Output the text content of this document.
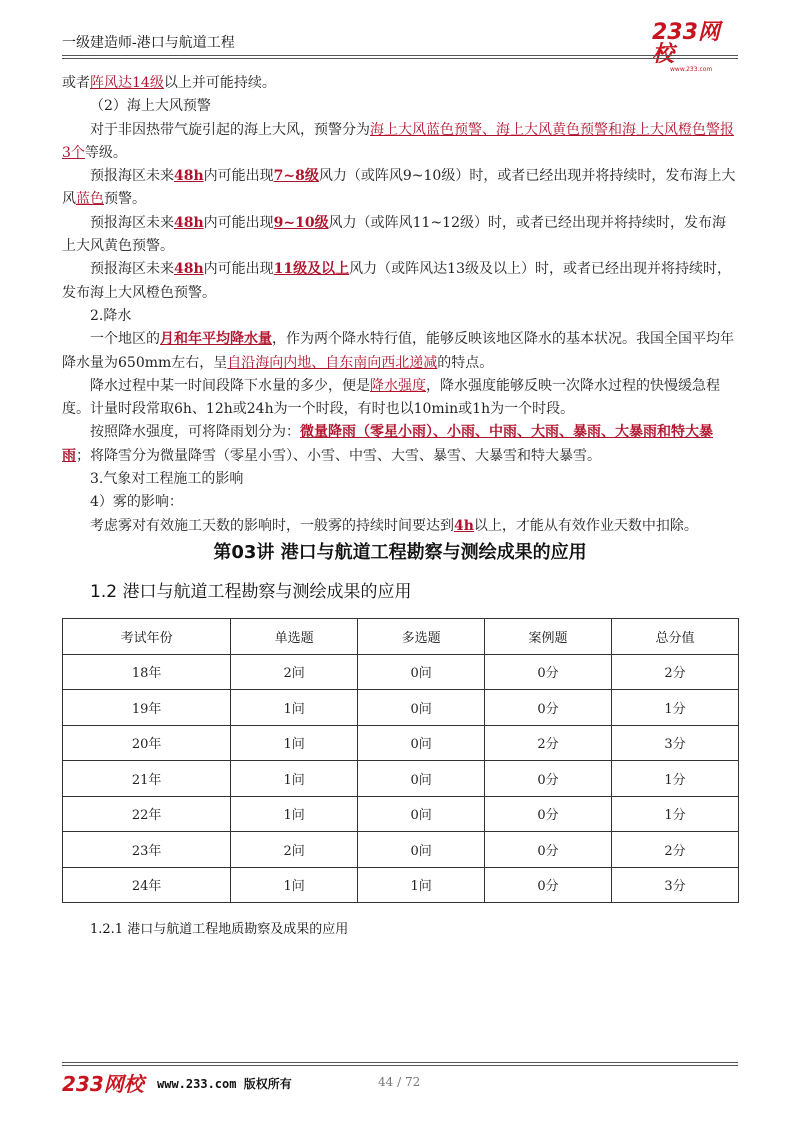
一级建造师-港口与航道工程	233网
www.233.com

或者阵风达14级以上并可能持续。

（2）海上大风预警

对于非因热带气旋引起的海上大风，预警分为海上大风蓝色预警、海上大风黄色预警和海上大风橙色警报3个等级。

预报海区未来48h内可能出现7~8级风力（或阵风9~10级）时，或者已经出现并将持续时，发布海上大风蓝色预警。

预报海区未来48h内可能出现9~10级风力（或阵风11~12级）时，或者已经出现并将持续时，发布海上大风黄色预警。

预报海区未来48h内可能出现11级及以上风力（或阵风达13级及以上）时，或者已经出现并将持续时，发布海上大风橙色预警。

2.降水

一个地区的月和年平均降水量，作为两个降水特行值，能够反映该地区降水的基本状况。我国全国平均年降水量为650mm左右，呈自沿海向内地、自东南向西北递减的特点。

降水过程中某一时间段降下水量的多少，便是降水强度，降水强度能够反映一次降水过程的快慢缓急程度。计量时段常取6h、12h或24h为一个时段，有时也以10min或1h为一个时段。

按照降水强度，可将降雨划分为：微量降雨（零星小雨）、小雨、中雨、大雨、暴雨、大暴雨和特大暴雨；将降雪分为微量降雪（零星小雪）、小雪、中雪、大雪、暴雪、大暴雪和特大暴雪。

3.气象对工程施工的影响

4）雾的影响：

考虑雾对有效施工天数的影响时，一般雾的持续时间要达到4h以上，才能从有效作业天数中扣除。

第03讲 港口与航道工程勘察与测绘成果的应用
1.2 港口与航道工程勘察与测绘成果的应用
考试年份	单选题	多选题	案例题	总分值
18年	2问	0问	0分	2分
19年	1问	0问	0分	1分
20年	1问	0问	2分	3分
21年	1问	0问	0分	1分
22年	1问	0问	0分	1分
23年	2问	0问	0分	2分
24年	1问	1问	0分	3分
1.2.1 港口与航道工程地质勘察及成果的应用
233网校 www.233.com 版权所有	44 / 72
